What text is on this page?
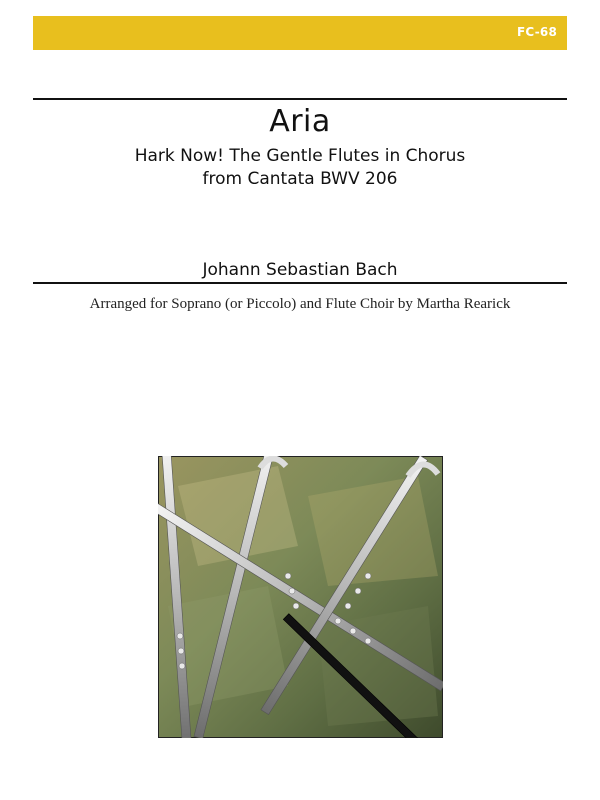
FC-68
Aria
Hark Now! The Gentle Flutes in Chorus
from Cantata BWV 206
Johann Sebastian Bach
Arranged for Soprano (or Piccolo) and Flute Choir by Martha Rearick
